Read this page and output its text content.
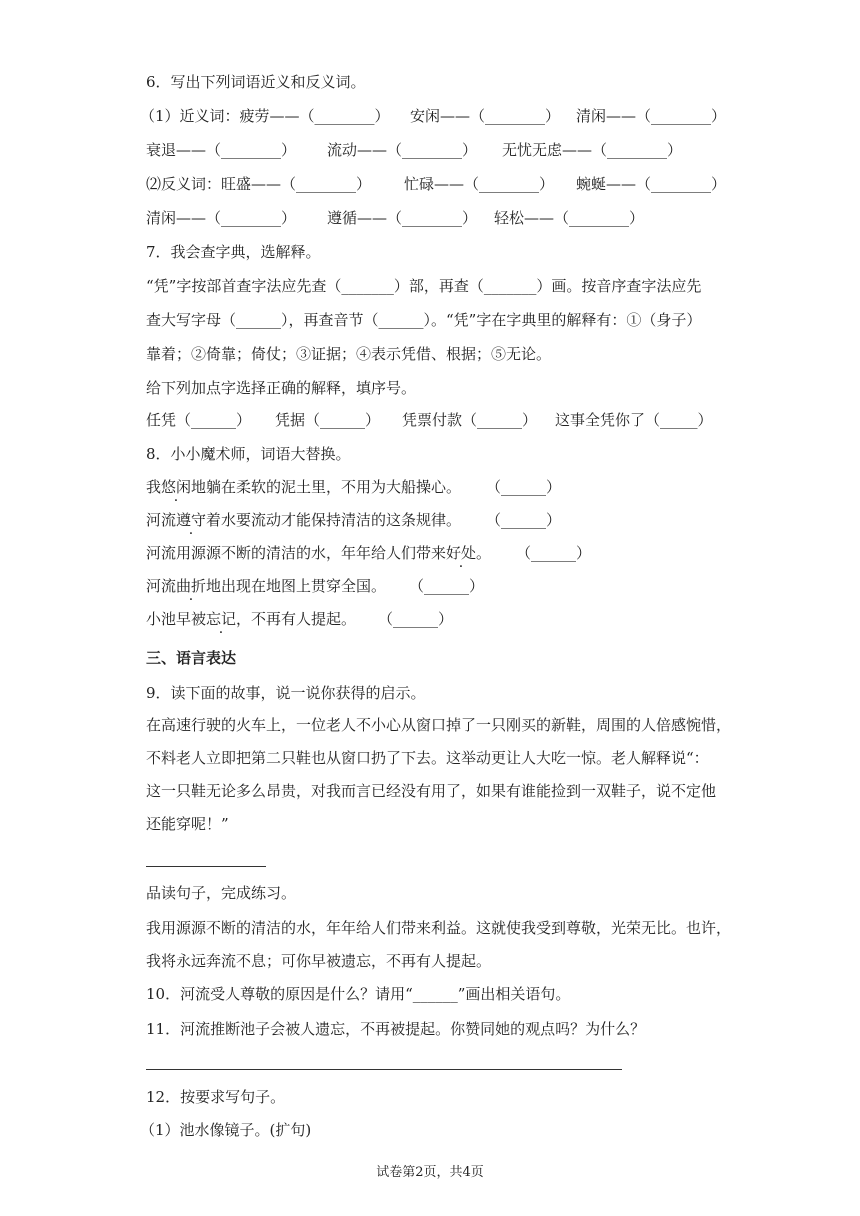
6．写出下列词语近义和反义词。
（1）近义词：疲劳——（________） 安闲——（________） 清闲——（________）
衰退——（________） 流动——（________） 无忧无虑——（________）
⑵反义词：旺盛——（________） 忙碌——（________） 蜿蜒——（________）
清闲——（________） 遵循——（________） 轻松——（________）
7．我会查字典，选解释。
“凭”字按部首查字法应先查（_______）部，再查（_______）画。按音序查字法应先
查大写字母（______），再查音节（______）。“凭”字在字典里的解释有：①（身子）
靠着；②倚靠；倚仗；③证据；④表示凭借、根据；⑤无论。
给下列加点字选择正确的解释，填序号。
任凭（______） 凭据（______） 凭票付款（______） 这事全凭你了（_____）
8．小小魔术师，词语大替换。
我悠闲地躺在柔软的泥土里，不用为大船操心。 （______）
河流遵守着水要流动才能保持清洁的这条规律。 （______）
河流用源源不断的清洁的水，年年给人们带来好处。 （______）
河流曲折地出现在地图上贯穿全国。 （______）
小池早被忘记，不再有人提起。 （______）
三、语言表达
9．读下面的故事，说一说你获得的启示。
在高速行驶的火车上，一位老人不小心从窗口掉了一只刚买的新鞋，周围的人倍感惋惜，
不料老人立即把第二只鞋也从窗口扔了下去。这举动更让人大吃一惊。老人解释说“：
这一只鞋无论多么昂贵，对我而言已经没有用了，如果有谁能捡到一双鞋子，说不定他
还能穿呢！”
品读句子，完成练习。
我用源源不断的清洁的水，年年给人们带来利益。这就使我受到尊敬，光荣无比。也许，
我将永远奔流不息；可你早被遗忘，不再有人提起。
10．河流受人尊敬的原因是什么？请用“______”画出相关语句。
11．河流推断池子会被人遗忘，不再被提起。你赞同她的观点吗？为什么？
12．按要求写句子。
（1）池水像镜子。(扩句)
试卷第2页，共4页
